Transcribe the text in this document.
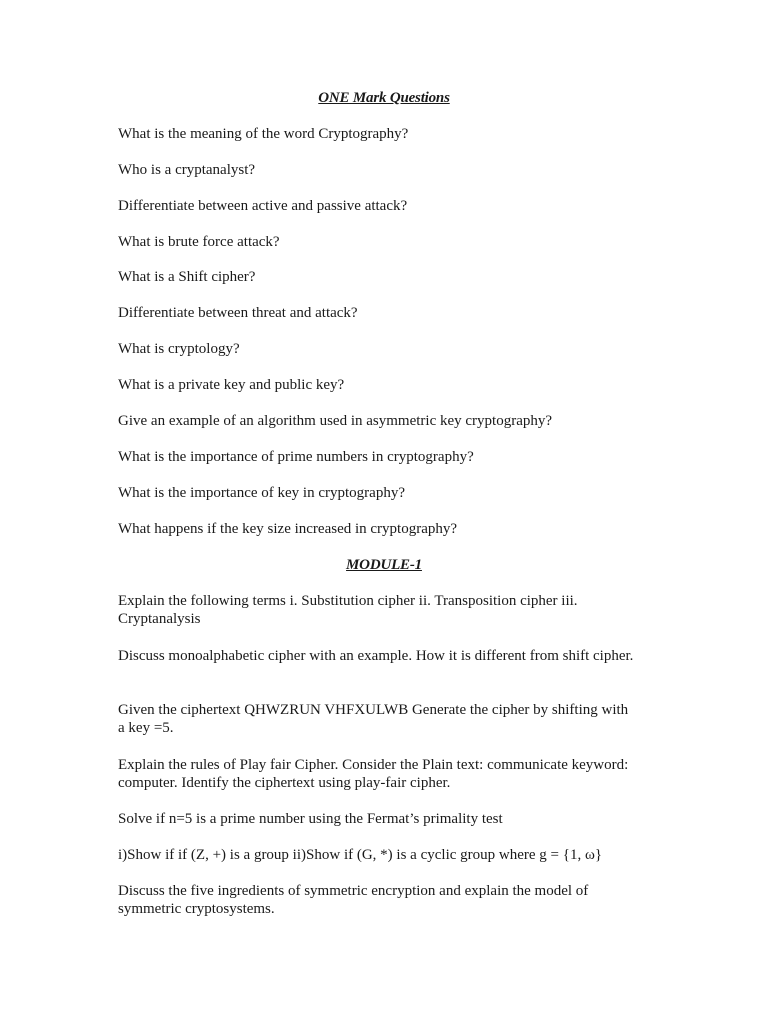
ONE Mark Questions

What is the meaning of the word Cryptography?

Who is a cryptanalyst?

Differentiate between active and passive attack?

What is brute force attack?

What is a Shift cipher?

Differentiate between threat and attack?

What is cryptology?

What is a private key and public key?

Give an example of an algorithm used in asymmetric key cryptography?

What is the importance of prime numbers in cryptography?

What is the importance of key in cryptography?

What happens if the key size increased in cryptography?

MODULE-1

Explain the following terms i. Substitution cipher ii. Transposition cipher iii. Cryptanalysis

Discuss monoalphabetic cipher with an example. How it is different from shift cipher.

Given the ciphertext QHWZRUN VHFXULWB Generate the cipher by shifting with a key =5.

Explain the rules of Play fair Cipher. Consider the Plain text: communicate keyword: computer. Identify the ciphertext using play-fair cipher.

Solve if n=5 is a prime number using the Fermat’s primality test

i)Show if if (Z, +) is a group ii)Show if (G, *) is a cyclic group where g = {1, ω}

Discuss the five ingredients of symmetric encryption and explain the model of symmetric cryptosystems.
